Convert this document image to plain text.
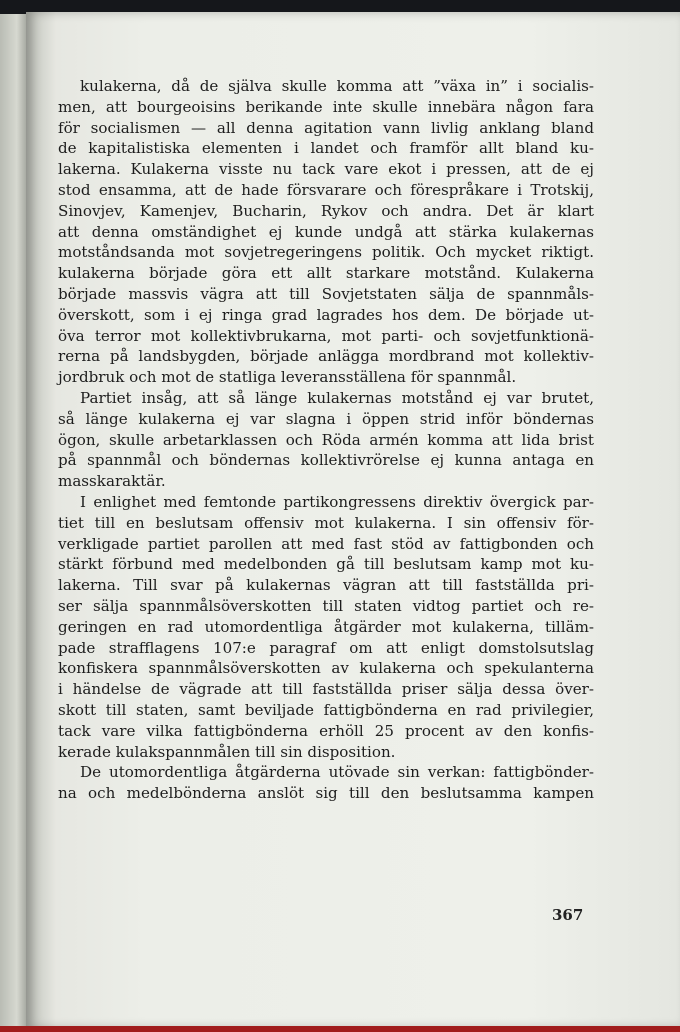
kulakerna, då de själva skulle komma att ”växa in” i socialis-
men, att bourgeoisins berikande inte skulle innebära någon fara
för socialismen — all denna agitation vann livlig anklang bland
de kapitalistiska elementen i landet och framför allt bland ku-
lakerna. Kulakerna visste nu tack vare ekot i pressen, att de ej
stod ensamma, att de hade försvarare och förespråkare i Trotskij,
Sinovjev, Kamenjev, Bucharin, Rykov och andra. Det är klart
att denna omständighet ej kunde undgå att stärka kulakernas
motståndsanda mot sovjetregeringens politik. Och mycket riktigt.
kulakerna började göra ett allt starkare motstånd. Kulakerna
började massvis vägra att till Sovjetstaten sälja de spannmåls-
överskott, som i ej ringa grad lagrades hos dem. De började ut-
öva terror mot kollektivbrukarna, mot parti- och sovjetfunktionä-
rerna på landsbygden, började anlägga mordbrand mot kollektiv-
jordbruk och mot de statliga leveransställena för spannmål.
Partiet insåg, att så länge kulakernas motstånd ej var brutet,
så länge kulakerna ej var slagna i öppen strid inför böndernas
ögon, skulle arbetarklassen och Röda armén komma att lida brist
på spannmål och böndernas kollektivrörelse ej kunna antaga en
masskaraktär.
I enlighet med femtonde partikongressens direktiv övergick par-
tiet till en beslutsam offensiv mot kulakerna. I sin offensiv för-
verkligade partiet parollen att med fast stöd av fattigbonden och
stärkt förbund med medelbonden gå till beslutsam kamp mot ku-
lakerna. Till svar på kulakernas vägran att till fastställda pri-
ser sälja spannmålsöverskotten till staten vidtog partiet och re-
geringen en rad utomordentliga åtgärder mot kulakerna, tilläm-
pade strafflagens 107:e paragraf om att enligt domstolsutslag
konfiskera spannmålsöverskotten av kulakerna och spekulanterna
i händelse de vägrade att till fastställda priser sälja dessa över-
skott till staten, samt beviljade fattigbönderna en rad privilegier,
tack vare vilka fattigbönderna erhöll 25 procent av den konfis-
kerade kulakspannmålen till sin disposition.
De utomordentliga åtgärderna utövade sin verkan: fattigbönder-
na och medelbönderna anslöt sig till den beslutsamma kampen
367
